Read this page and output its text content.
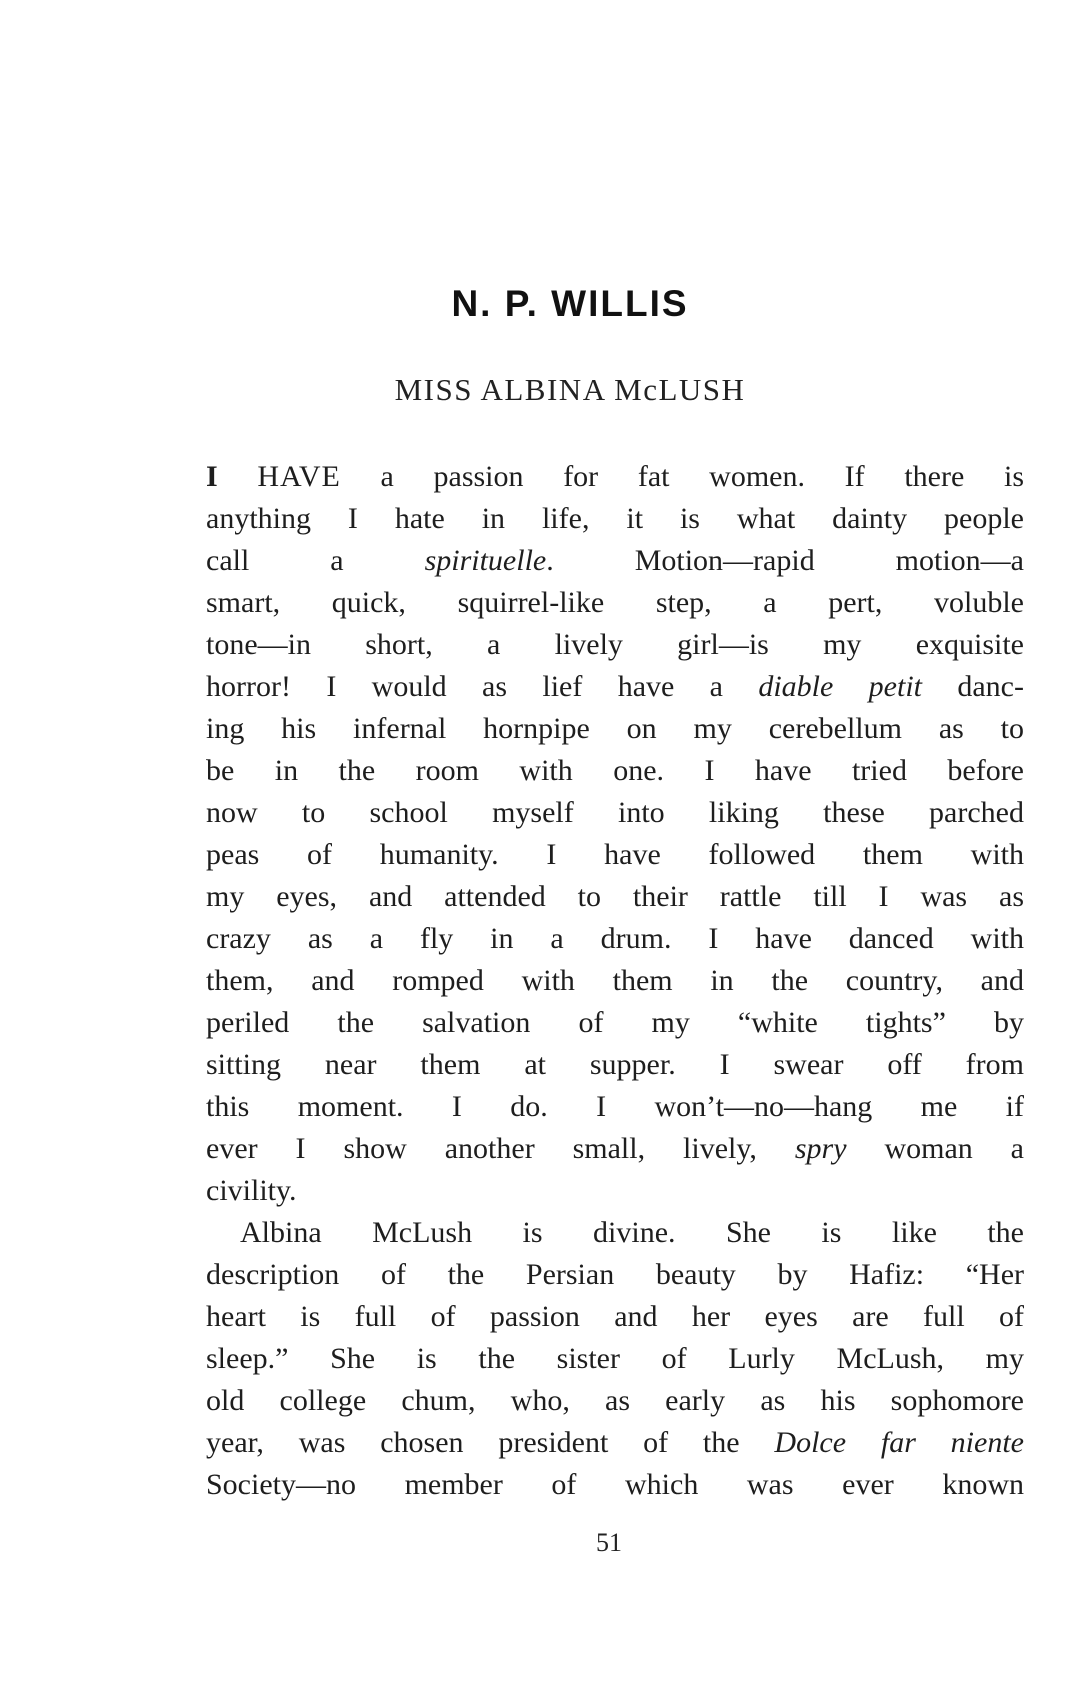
N. P. WILLIS
MISS ALBINA McLUSH
I HAVE a passion for fat women. If there is
anything I hate in life, it is what dainty people
call a spirituelle. Motion—rapid motion—a
smart, quick, squirrel-like step, a pert, voluble
tone—in short, a lively girl—is my exquisite
horror! I would as lief have a diable petit danc-
ing his infernal hornpipe on my cerebellum as to
be in the room with one. I have tried before
now to school myself into liking these parched
peas of humanity. I have followed them with
my eyes, and attended to their rattle till I was as
crazy as a fly in a drum. I have danced with
them, and romped with them in the country, and
periled the salvation of my “white tights” by
sitting near them at supper. I swear off from
this moment. I do. I won’t—no—hang me if
ever I show another small, lively, spry woman a
civility.
Albina McLush is divine. She is like the
description of the Persian beauty by Hafiz: “Her
heart is full of passion and her eyes are full of
sleep.” She is the sister of Lurly McLush, my
old college chum, who, as early as his sophomore
year, was chosen president of the Dolce far niente
Society—no member of which was ever known
51
